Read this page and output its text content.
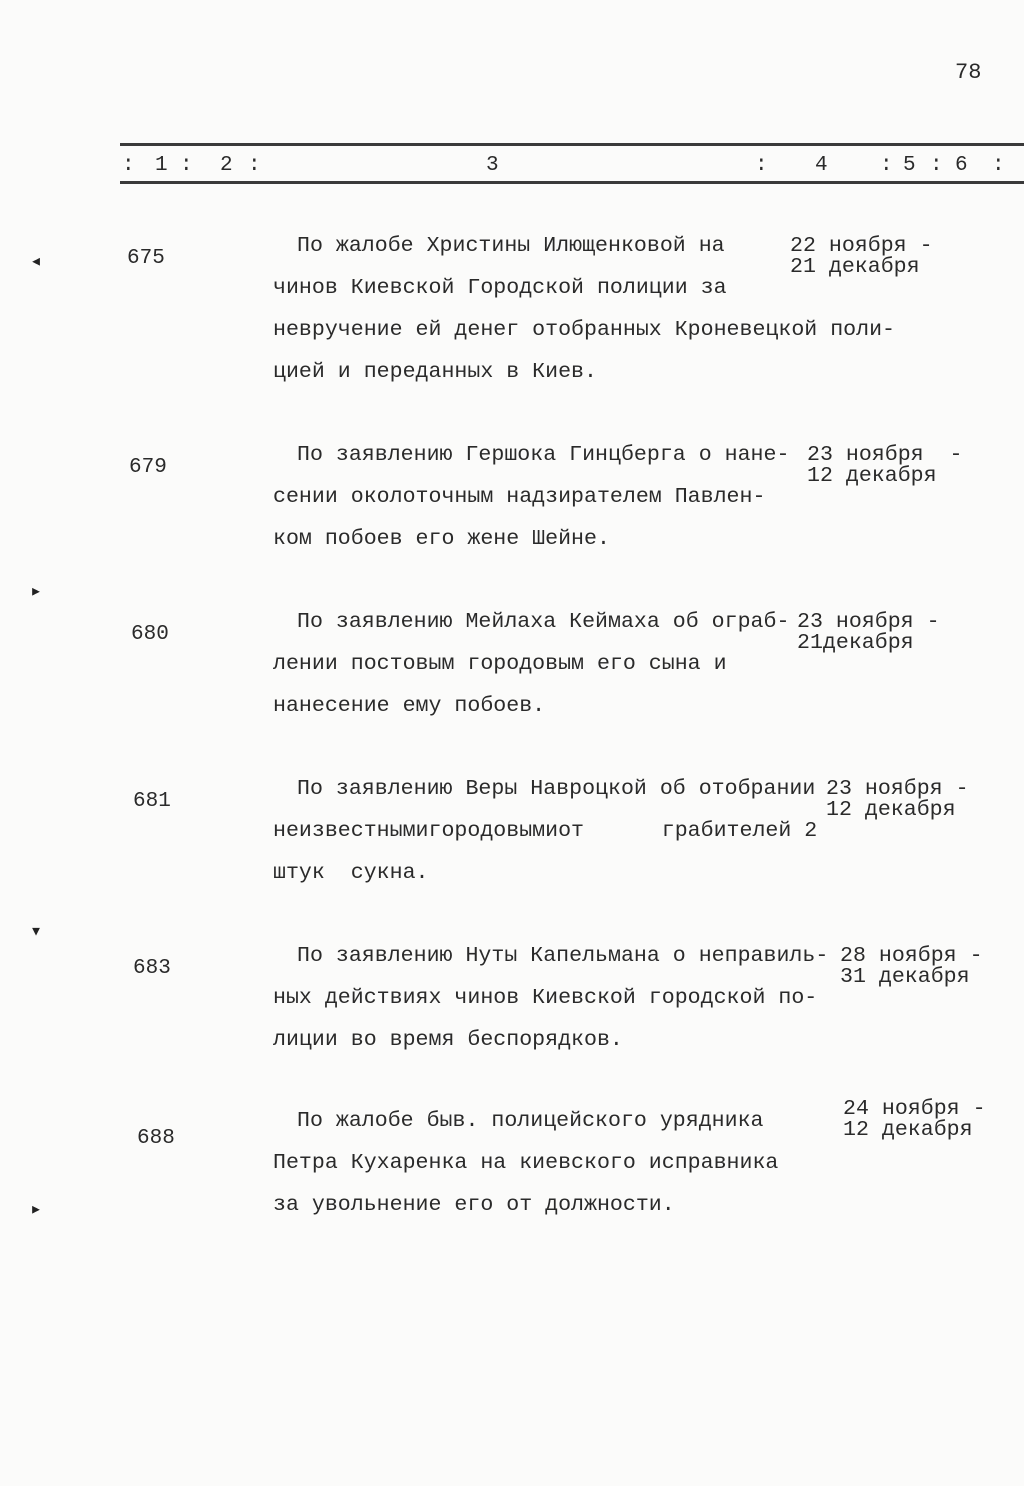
78
: 1 : 2 :	3	: 4 : 5 : 6 :
675
По жалобе Христины Илющенковой на
чинов Киевской Городской полиции за
невручение ей денег отобранных Кроневецкой поли-
цией и переданных в Киев.
22 ноября -
21 декабря
679
По заявлению Гершока Гинцберга о нане-
сении околоточным надзирателем Павлен-
ком побоев его жене Шейне.
23 ноября  -
12 декабря
680
По заявлению Мейлаха Кеймаха об ограб-
лении постовым городовым его сына и
нанесение ему побоев.
23 ноября -
21декабря
681
По заявлению Веры Навроцкой об отобрании
неизвестнымигородовымиот      грабителей 2
штук  сукна.
23 ноября -
12 декабря
683
По заявлению Нуты Капельмана о неправиль-
ных действиях чинов Киевской городской по-
лиции во время беспорядков.
28 ноября -
31 декабря
688
По жалобе быв. полицейского урядника
Петра Кухаренка на киевского исправника
за увольнение его от должности.
24 ноября -
12 декабря
◂
▸
▾
▸
